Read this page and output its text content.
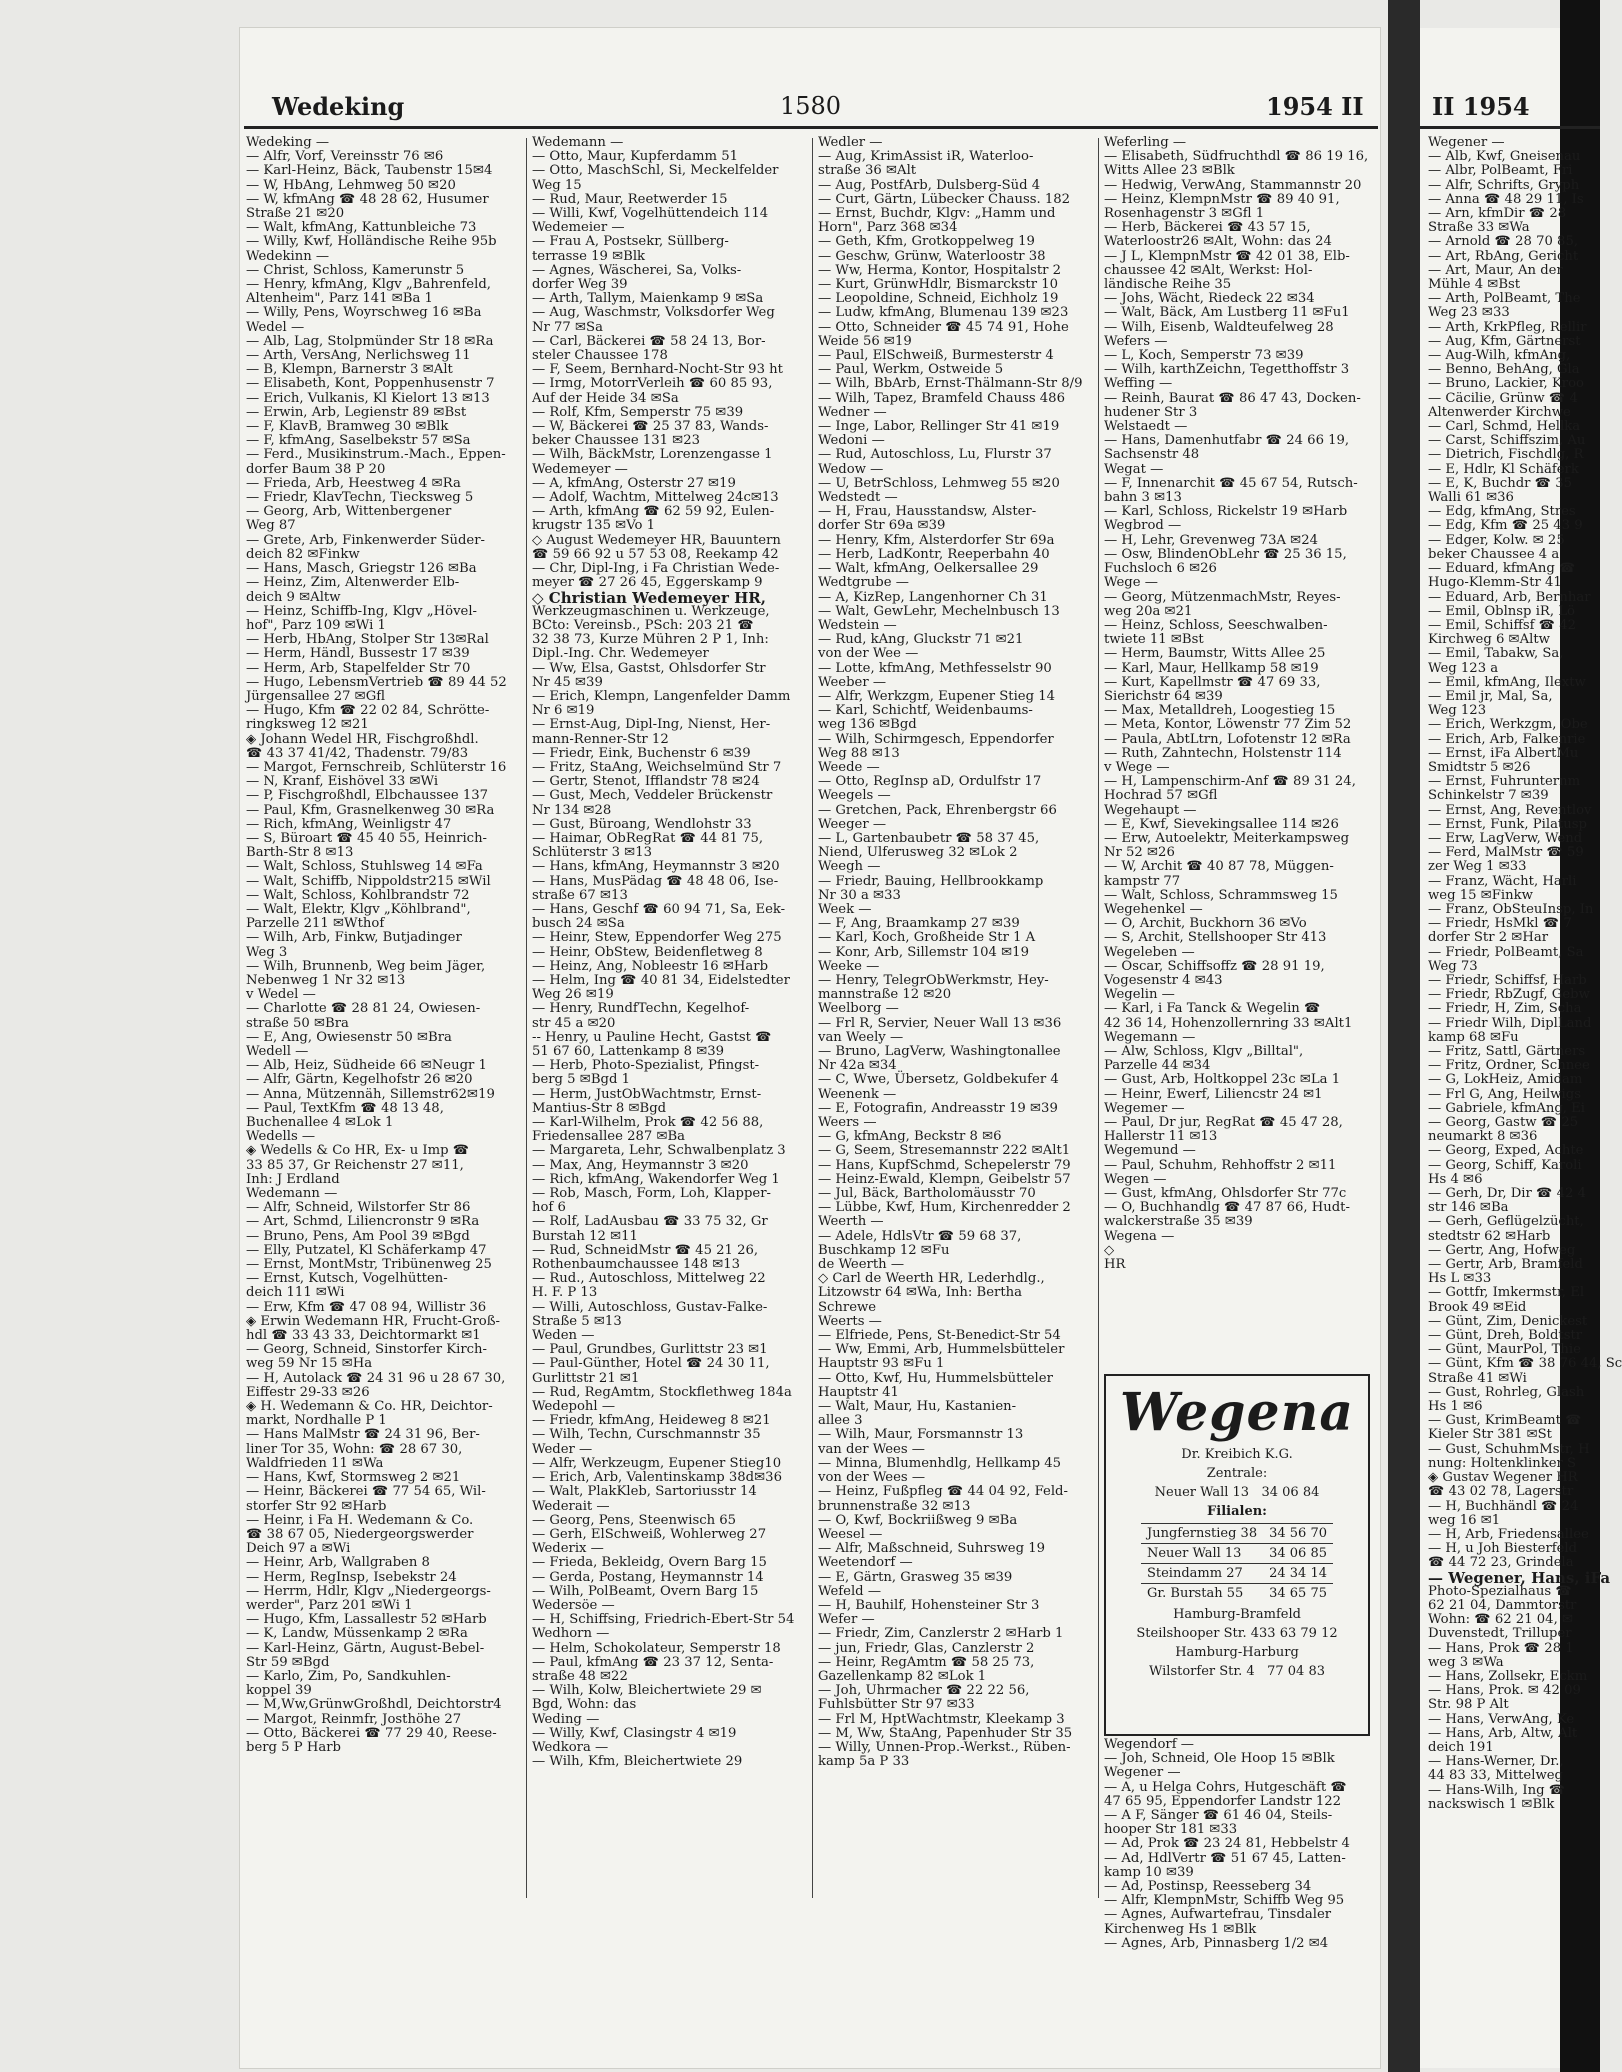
Wedeking	1580	1954 II	II 1954
Wedeking —
— Alfr, Vorf, Vereinsstr 76 ✉6
— Karl-Heinz, Bäck, Taubenstr 15✉4
— W, HbAng, Lehmweg 50 ✉20
— W, kfmAng ☎ 48 28 62, Husumer
Straße 21 ✉20
— Walt, kfmAng, Kattunbleiche 73
— Willy, Kwf, Holländische Reihe 95b
Wedekinn —
— Christ, Schloss, Kamerunstr 5
— Henry, kfmAng, Klgv „Bahrenfeld,
Altenheim", Parz 141 ✉Ba 1
— Willy, Pens, Woyrschweg 16 ✉Ba
Wedel —
— Alb, Lag, Stolpmünder Str 18 ✉Ra
— Arth, VersAng, Nerlichsweg 11
— B, Klempn, Barnerstr 3 ✉Alt
— Elisabeth, Kont, Poppenhusenstr 7
— Erich, Vulkanis, Kl Kielort 13 ✉13
— Erwin, Arb, Legienstr 89 ✉Bst
— F, KlavB, Bramweg 30 ✉Blk
— F, kfmAng, Saselbekstr 57 ✉Sa
— Ferd., Musikinstrum.-Mach., Eppen-
dorfer Baum 38 P 20
— Frieda, Arb, Heestweg 4 ✉Ra
— Friedr, KlavTechn, Tiecksweg 5
— Georg, Arb, Wittenbergener
Weg 87
— Grete, Arb, Finkenwerder Süder-
deich 82 ✉Finkw
— Hans, Masch, Griegstr 126 ✉Ba
— Heinz, Zim, Altenwerder Elb-
deich 9 ✉Altw
— Heinz, Schiffb-Ing, Klgv „Hövel-
hof", Parz 109 ✉Wi 1
— Herb, HbAng, Stolper Str 13✉Ral
— Herm, Händl, Bussestr 17 ✉39
— Herm, Arb, Stapelfelder Str 70
— Hugo, LebensmVertrieb ☎ 89 44 52
Jürgensallee 27 ✉Gfl
— Hugo, Kfm ☎ 22 02 84, Schrötte-
ringksweg 12 ✉21
◈ Johann Wedel HR, Fischgroßhdl.
☎ 43 37 41/42, Thadenstr. 79/83
— Margot, Fernschreib, Schlüterstr 16
— N, Kranf, Eishövel 33 ✉Wi
— P, Fischgroßhdl, Elbchaussee 137
— Paul, Kfm, Grasnelkenweg 30 ✉Ra
— Rich, kfmAng, Weinligstr 47
— S, Büroart ☎ 45 40 55, Heinrich-
Barth-Str 8 ✉13
— Walt, Schloss, Stuhlsweg 14 ✉Fa
— Walt, Schiffb, Nippoldstr215 ✉Wil
— Walt, Schloss, Kohlbrandstr 72
— Walt, Elektr, Klgv „Köhlbrand",
Parzelle 211 ✉Wthof
— Wilh, Arb, Finkw, Butjadinger
Weg 3
— Wilh, Brunnenb, Weg beim Jäger,
Nebenweg 1 Nr 32 ✉13
v Wedel —
— Charlotte ☎ 28 81 24, Owiesen-
straße 50 ✉Bra
— E, Ang, Owiesenstr 50 ✉Bra
Wedell —
— Alb, Heiz, Südheide 66 ✉Neugr 1
— Alfr, Gärtn, Kegelhofstr 26 ✉20
— Anna, Mützennäh, Sillemstr62✉19
— Paul, TextKfm ☎ 48 13 48,
Buchenallee 4 ✉Lok 1
Wedells —
◈ Wedells & Co HR, Ex- u Imp ☎
33 85 37, Gr Reichenstr 27 ✉11,
Inh: J Erdland
Wedemann —
— Alfr, Schneid, Wilstorfer Str 86
— Art, Schmd, Liliencronstr 9 ✉Ra
— Bruno, Pens, Am Pool 39 ✉Bgd
— Elly, Putzatel, Kl Schäferkamp 47
— Ernst, MontMstr, Tribünenweg 25
— Ernst, Kutsch, Vogelhütten-
deich 111 ✉Wi
— Erw, Kfm ☎ 47 08 94, Willistr 36
◈ Erwin Wedemann HR, Frucht-Groß-
hdl ☎ 33 43 33, Deichtormarkt ✉1
— Georg, Schneid, Sinstorfer Kirch-
weg 59 Nr 15 ✉Ha
— H, Autolack ☎ 24 31 96 u 28 67 30,
Eiffestr 29-33 ✉26
◈ H. Wedemann & Co. HR, Deichtor-
markt, Nordhalle P 1
— Hans MalMstr ☎ 24 31 96, Ber-
liner Tor 35, Wohn: ☎ 28 67 30,
Waldfrieden 11 ✉Wa
— Hans, Kwf, Stormsweg 2 ✉21
— Heinr, Bäckerei ☎ 77 54 65, Wil-
storfer Str 92 ✉Harb
— Heinr, i Fa H. Wedemann & Co.
☎ 38 67 05, Niedergeorgswerder
Deich 97 a ✉Wi
— Heinr, Arb, Wallgraben 8
— Herm, RegInsp, Isebekstr 24
— Herrm, Hdlr, Klgv „Niedergeorgs-
werder", Parz 201 ✉Wi 1
— Hugo, Kfm, Lassallestr 52 ✉Harb
— K, Landw, Müssenkamp 2 ✉Ra
— Karl-Heinz, Gärtn, August-Bebel-
Str 59 ✉Bgd
— Karlo, Zim, Po, Sandkuhlen-
koppel 39
— M,Ww,GrünwGroßhdl, Deichtorstr4
— Margot, Reinmfr, Josthöhe 27
— Otto, Bäckerei ☎ 77 29 40, Reese-
berg 5 P Harb
Wedemann —
— Otto, Maur, Kupferdamm 51
— Otto, MaschSchl, Si, Meckelfelder
Weg 15
— Rud, Maur, Reetwerder 15
— Willi, Kwf, Vogelhüttendeich 114
Wedemeier —
— Frau A, Postsekr, Süllberg-
terrasse 19 ✉Blk
— Agnes, Wäscherei, Sa, Volks-
dorfer Weg 39
— Arth, Tallym, Maienkamp 9 ✉Sa
— Aug, Waschmstr, Volksdorfer Weg
Nr 77 ✉Sa
— Carl, Bäckerei ☎ 58 24 13, Bor-
steler Chaussee 178
— F, Seem, Bernhard-Nocht-Str 93 ht
— Irmg, MotorrVerleih ☎ 60 85 93,
Auf der Heide 34 ✉Sa
— Rolf, Kfm, Semperstr 75 ✉39
— W, Bäckerei ☎ 25 37 83, Wands-
beker Chaussee 131 ✉23
— Wilh, BäckMstr, Lorenzengasse 1
Wedemeyer —
— A, kfmAng, Osterstr 27 ✉19
— Adolf, Wachtm, Mittelweg 24c✉13
— Arth, kfmAng ☎ 62 59 92, Eulen-
krugstr 135 ✉Vo 1
◇ August Wedemeyer HR, Bauuntern
☎ 59 66 92 u 57 53 08, Reekamp 42
— Chr, Dipl-Ing, i Fa Christian Wede-
meyer ☎ 27 26 45, Eggerskamp 9
◇ Christian Wedemeyer HR,
Werkzeugmaschinen u. Werkzeuge,
BCto: Vereinsb., PSch: 203 21 ☎
32 38 73, Kurze Mühren 2 P 1, Inh:
Dipl.-Ing. Chr. Wedemeyer
— Ww, Elsa, Gastst, Ohlsdorfer Str
Nr 45 ✉39
— Erich, Klempn, Langenfelder Damm
Nr 6 ✉19
— Ernst-Aug, Dipl-Ing, Nienst, Her-
mann-Renner-Str 12
— Friedr, Eink, Buchenstr 6 ✉39
— Fritz, StaAng, Weichselmünd Str 7
— Gertr, Stenot, Ifflandstr 78 ✉24
— Gust, Mech, Veddeler Brückenstr
Nr 134 ✉28
— Gust, Büroang, Wendlohstr 33
— Haimar, ObRegRat ☎ 44 81 75,
Schlüterstr 3 ✉13
— Hans, kfmAng, Heymannstr 3 ✉20
— Hans, MusPädag ☎ 48 48 06, Ise-
straße 67 ✉13
— Hans, Geschf ☎ 60 94 71, Sa, Eek-
busch 24 ✉Sa
— Heinr, Stew, Eppendorfer Weg 275
— Heinr, ObStew, Beidenfletweg 8
— Heinz, Ang, Nobleestr 16 ✉Harb
— Helm, Ing ☎ 40 81 34, Eidelstedter
Weg 26 ✉19
— Henry, RundfTechn, Kegelhof-
str 45 a ✉20
-- Henry, u Pauline Hecht, Gastst ☎
51 67 60, Lattenkamp 8 ✉39
— Herb, Photo-Spezialist, Pfingst-
berg 5 ✉Bgd 1
— Herm, JustObWachtmstr, Ernst-
Mantius-Str 8 ✉Bgd
— Karl-Wilhelm, Prok ☎ 42 56 88,
Friedensallee 287 ✉Ba
— Margareta, Lehr, Schwalbenplatz 3
— Max, Ang, Heymannstr 3 ✉20
— Rich, kfmAng, Wakendorfer Weg 1
— Rob, Masch, Form, Loh, Klapper-
hof 6
— Rolf, LadAusbau ☎ 33 75 32, Gr
Burstah 12 ✉11
— Rud, SchneidMstr ☎ 45 21 26,
Rothenbaumchaussee 148 ✉13
— Rud., Autoschloss, Mittelweg 22
H. F. P 13
— Willi, Autoschloss, Gustav-Falke-
Straße 5 ✉13
Weden —
— Paul, Grundbes, Gurlittstr 23 ✉1
— Paul-Günther, Hotel ☎ 24 30 11,
Gurlittstr 21 ✉1
— Rud, RegAmtm, Stockflethweg 184a
Wedepohl —
— Friedr, kfmAng, Heideweg 8 ✉21
— Wilh, Techn, Curschmannstr 35
Weder —
— Alfr, Werkzeugm, Eupener Stieg10
— Erich, Arb, Valentinskamp 38d✉36
— Walt, PlakKleb, Sartoriusstr 14
Wederait —
— Georg, Pens, Steenwisch 65
— Gerh, ElSchweiß, Wohlerweg 27
Wederix —
— Frieda, Bekleidg, Overn Barg 15
— Gerda, Postang, Heymannstr 14
— Wilh, PolBeamt, Overn Barg 15
Wedersöe —
— H, Schiffsing, Friedrich-Ebert-Str 54
Wedhorn —
— Helm, Schokolateur, Semperstr 18
— Paul, kfmAng ☎ 23 37 12, Senta-
straße 48 ✉22
— Wilh, Kolw, Bleichertwiete 29 ✉
Bgd, Wohn: das
Weding —
— Willy, Kwf, Clasingstr 4 ✉19
Wedkora —
— Wilh, Kfm, Bleichertwiete 29
Wedler —
— Aug, KrimAssist iR, Waterloo-
straße 36 ✉Alt
— Aug, PostfArb, Dulsberg-Süd 4
— Curt, Gärtn, Lübecker Chauss. 182
— Ernst, Buchdr, Klgv: „Hamm und
Horn", Parz 368 ✉34
— Geth, Kfm, Grotkoppelweg 19
— Geschw, Grünw, Waterloostr 38
— Ww, Herma, Kontor, Hospitalstr 2
— Kurt, GrünwHdlr, Bismarckstr 10
— Leopoldine, Schneid, Eichholz 19
— Ludw, kfmAng, Blumenau 139 ✉23
— Otto, Schneider ☎ 45 74 91, Hohe
Weide 56 ✉19
— Paul, ElSchweiß, Burmesterstr 4
— Paul, Werkm, Ostweide 5
— Wilh, BbArb, Ernst-Thälmann-Str 8/9
— Wilh, Tapez, Bramfeld Chauss 486
Wedner —
— Inge, Labor, Rellinger Str 41 ✉19
Wedoni —
— Rud, Autoschloss, Lu, Flurstr 37
Wedow —
— U, BetrSchloss, Lehmweg 55 ✉20
Wedstedt —
— H, Frau, Hausstandsw, Alster-
dorfer Str 69a ✉39
— Henry, Kfm, Alsterdorfer Str 69a
— Herb, LadKontr, Reeperbahn 40
— Walt, kfmAng, Oelkersallee 29
Wedtgrube —
— A, KizRep, Langenhorner Ch 31
— Walt, GewLehr, Mechelnbusch 13
Wedstein —
— Rud, kAng, Gluckstr 71 ✉21
von der Wee —
— Lotte, kfmAng, Methfesselstr 90
Weeber —
— Alfr, Werkzgm, Eupener Stieg 14
— Karl, Schichtf, Weidenbaums-
weg 136 ✉Bgd
— Wilh, Schirmgesch, Eppendorfer
Weg 88 ✉13
Weede —
— Otto, RegInsp aD, Ordulfstr 17
Weegels —
— Gretchen, Pack, Ehrenbergstr 66
Weeger —
— L, Gartenbaubetr ☎ 58 37 45,
Niend, Ulferusweg 32 ✉Lok 2
Weegh —
— Friedr, Bauing, Hellbrookkamp
Nr 30 a ✉33
Week —
— F, Ang, Braamkamp 27 ✉39
— Karl, Koch, Großheide Str 1 A
— Konr, Arb, Sillemstr 104 ✉19
Weeke —
— Henry, TelegrObWerkmstr, Hey-
mannstraße 12 ✉20
Weelborg —
— Frl R, Servier, Neuer Wall 13 ✉36
van Weely —
— Bruno, LagVerw, Washingtonallee
Nr 42a ✉34
— C, Wwe, Übersetz, Goldbekufer 4
Weenenk —
— E, Fotografin, Andreasstr 19 ✉39
Weers —
— G, kfmAng, Beckstr 8 ✉6
— G, Seem, Stresemannstr 222 ✉Alt1
— Hans, KupfSchmd, Schepelerstr 79
— Heinz-Ewald, Klempn, Geibelstr 57
— Jul, Bäck, Bartholomäusstr 70
— Lübbe, Kwf, Hum, Kirchenredder 2
Weerth —
— Adele, HdlsVtr ☎ 59 68 37,
Buschkamp 12 ✉Fu
de Weerth —
◇ Carl de Weerth HR, Lederhdlg.,
Litzowstr 64 ✉Wa, Inh: Bertha
Schrewe
Weerts —
— Elfriede, Pens, St-Benedict-Str 54
— Ww, Emmi, Arb, Hummelsbütteler
Hauptstr 93 ✉Fu 1
— Otto, Kwf, Hu, Hummelsbütteler
Hauptstr 41
— Walt, Maur, Hu, Kastanien-
allee 3
— Wilh, Maur, Forsmannstr 13
van der Wees —
— Minna, Blumenhdlg, Hellkamp 45
von der Wees —
— Heinz, Fußpfleg ☎ 44 04 92, Feld-
brunnenstraße 32 ✉13
— O, Kwf, Bockriißweg 9 ✉Ba
Weesel —
— Alfr, Maßschneid, Suhrsweg 19
Weetendorf —
— E, Gärtn, Grasweg 35 ✉39
Wefeld —
— H, Bauhilf, Hohensteiner Str 3
Wefer —
— Friedr, Zim, Canzlerstr 2 ✉Harb 1
— jun, Friedr, Glas, Canzlerstr 2
— Heinr, RegAmtm ☎ 58 25 73,
Gazellenkamp 82 ✉Lok 1
— Joh, Uhrmacher ☎ 22 22 56,
Fuhlsbütter Str 97 ✉33
— Frl M, HptWachtmstr, Kleekamp 3
— M, Ww, StaAng, Papenhuder Str 35
— Willy, Unnen-Prop.-Werkst., Rüben-
kamp 5a P 33
Weferling —
— Elisabeth, Südfruchthdl ☎ 86 19 16,
Witts Allee 23 ✉Blk
— Hedwig, VerwAng, Stammannstr 20
— Heinz, KlempnMstr ☎ 89 40 91,
Rosenhagenstr 3 ✉Gfl 1
— Herb, Bäckerei ☎ 43 57 15,
Waterloostr26 ✉Alt, Wohn: das 24
— J L, KlempnMstr ☎ 42 01 38, Elb-
chaussee 42 ✉Alt, Werkst: Hol-
ländische Reihe 35
— Johs, Wächt, Riedeck 22 ✉34
— Walt, Bäck, Am Lustberg 11 ✉Fu1
— Wilh, Eisenb, Waldteufelweg 28
Wefers —
— L, Koch, Semperstr 73 ✉39
— Wilh, karthZeichn, Tegetthoffstr 3
Weffing —
— Reinh, Baurat ☎ 86 47 43, Docken-
hudener Str 3
Welstaedt —
— Hans, Damenhutfabr ☎ 24 66 19,
Sachsenstr 48
Wegat —
— F, Innenarchit ☎ 45 67 54, Rutsch-
bahn 3 ✉13
— Karl, Schloss, Rickelstr 19 ✉Harb
Wegbrod —
— H, Lehr, Grevenweg 73A ✉24
— Osw, BlindenObLehr ☎ 25 36 15,
Fuchsloch 6 ✉26
Wege —
— Georg, MützenmachMstr, Reyes-
weg 20a ✉21
— Heinz, Schloss, Seeschwalben-
twiete 11 ✉Bst
— Herm, Baumstr, Witts Allee 25
— Karl, Maur, Hellkamp 58 ✉19
— Kurt, Kapellmstr ☎ 47 69 33,
Sierichstr 64 ✉39
— Max, Metalldreh, Loogestieg 15
— Meta, Kontor, Löwenstr 77 Zim 52
— Paula, AbtLtrn, Lofotenstr 12 ✉Ra
— Ruth, Zahntechn, Holstenstr 114
v Wege —
— H, Lampenschirm-Anf ☎ 89 31 24,
Hochrad 57 ✉Gfl
Wegehaupt —
— E, Kwf, Sievekingsallee 114 ✉26
— Erw, Autoelektr, Meiterkampsweg
Nr 52 ✉26
— W, Archit ☎ 40 87 78, Müggen-
kampstr 77
— Walt, Schloss, Schrammsweg 15
Wegehenkel —
— O, Archit, Buckhorn 36 ✉Vo
— S, Archit, Stellshooper Str 413
Wegeleben —
— Oscar, Schiffsoffz ☎ 28 91 19,
Vogesenstr 4 ✉43
Wegelin —
— Karl, i Fa Tanck & Wegelin ☎
42 36 14, Hohenzollernring 33 ✉Alt1
Wegemann —
— Alw, Schloss, Klgv „Billtal",
Parzelle 44 ✉34
— Gust, Arb, Holtkoppel 23c ✉La 1
— Heinr, Ewerf, Liliencstr 24 ✉1
Wegemer —
— Paul, Dr jur, RegRat ☎ 45 47 28,
Hallerstr 11 ✉13
Wegemund —
— Paul, Schuhm, Rehhoffstr 2 ✉11
Wegen —
— Gust, kfmAng, Ohlsdorfer Str 77c
— O, Buchhandlg ☎ 47 87 66, Hudt-
walckerstraße 35 ✉39
Wegena —
◇
HR
Wegendorf —
— Joh, Schneid, Ole Hoop 15 ✉Blk
Wegener —
— A, u Helga Cohrs, Hutgeschäft ☎
47 65 95, Eppendorfer Landstr 122
— A F, Sänger ☎ 61 46 04, Steils-
hooper Str 181 ✉33
— Ad, Prok ☎ 23 24 81, Hebbelstr 4
— Ad, HdlVertr ☎ 51 67 45, Latten-
kamp 10 ✉39
— Ad, Postinsp, Reesseberg 34
— Alfr, KlempnMstr, Schiffb Weg 95
— Agnes, Aufwartefrau, Tinsdaler
Kirchenweg Hs 1 ✉Blk
— Agnes, Arb, Pinnasberg 1/2 ✉4
Wegener —
— Alb, Kwf, Gneisenau
— Albr, PolBeamt, Fri
— Alfr, Schrifts, Gryph
— Anna ☎ 48 29 11, Is
— Arn, kfmDir ☎ 28
Straße 33 ✉Wa
— Arnold ☎ 28 70 85,
— Art, RbAng, Gericht
— Art, Maur, An der
Mühle 4 ✉Bst
— Arth, PolBeamt, The
Weg 23 ✉33
— Arth, KrkPfleg, Rellir
— Aug, Kfm, Gärtnerst
— Aug-Wilh, kfmAng,
— Benno, BehAng, Gla
— Bruno, Lackier, Kroo
— Cäcilie, Grünw ☎ 4
Altenwerder Kirchwe
— Carl, Schmd, Hellka
— Carst, Schiffszim, Au
— Dietrich, Fischdlg, R
— E, Hdlr, Kl Schäferk
— E, K, Buchdr ☎ 35
Walli 61 ✉36
— Edg, kfmAng, Stres
— Edg, Kfm ☎ 25 43 9
— Edger, Kolw. ✉ 25
beker Chaussee 4 a
— Eduard, kfmAng ☎
Hugo-Klemm-Str 41
— Eduard, Arb, Bernhar
— Emil, Oblnsp iR, Lö
— Emil, Schiffsf ☎ 42
Kirchweg 6 ✉Altw
— Emil, Tabakw, Sa,
Weg 123 a
— Emil, kfmAng, Ilextw
— Emil jr, Mal, Sa,
Weg 123
— Erich, Werkzgm, Obe
— Erich, Arb, Falkenrie
— Ernst, iFa AlbertMu
Smidtstr 5 ✉26
— Ernst, Fuhrunternm
Schinkelstr 7 ✉39
— Ernst, Ang, Reventlov
— Ernst, Funk, Pilatusp
— Erw, LagVerw, Wend
— Ferd, MalMstr ☎ 59
zer Weg 1 ✉33
— Franz, Wächt, Harli
weg 15 ✉Finkw
— Franz, ObSteuInsp, In
— Friedr, HsMkl ☎ 7
dorfer Str 2 ✉Har
— Friedr, PolBeamt, Sa
Weg 73
— Friedr, Schiffsf, Harb
— Friedr, RbZugf, Gebw
— Friedr, H, Zim, Scha
— Friedr Wilh, DiplLand
kamp 68 ✉Fu
— Fritz, Sattl, Gärtners
— Fritz, Ordner, Schnee
— G, LokHeiz, Amidam
— Frl G, Ang, Heilwigs
— Gabriele, kfmAng, Ei
— Georg, Gastw ☎ 25
neumarkt 8 ✉36
— Georg, Exped, Achte
— Georg, Schiff, Karoli
Hs 4 ✉6
— Gerh, Dr, Dir ☎ 42 4
str 146 ✉Ba
— Gerh, Geflügelzücht,
stedtstr 62 ✉Harb
— Gertr, Ang, Hofweg
— Gertr, Arb, Bramfeld
Hs L ✉33
— Gottfr, Imkermstr, El
Brook 49 ✉Eid
— Günt, Zim, Denickest
— Günt, Dreh, Boldtstr
— Günt, MaurPol, Thie
— Günt, Kfm ☎ 38 76 44, Sc
Straße 41 ✉Wi
— Gust, Rohrleg, Glash
Hs 1 ✉6
— Gust, KrimBeamt ☎
Kieler Str 381 ✉St
— Gust, SchuhmMstr, H
nung: Holtenklinker S
◈ Gustav Wegener HR
☎ 43 02 78, Lagerstr
— H, Buchhändl ☎ 24
weg 16 ✉1
— H, Arb, Friedensallee
— H, u Joh Biesterfeld
☎ 44 72 23, Grindela
— Wegener, Hans, iFa
Photo-Spezialhaus ☎
62 21 04, Dammtorstr
Wohn: ☎ 62 21 04, ✉
Duvenstedt, Trilluper
— Hans, Prok ☎ 28 1
weg 3 ✉Wa
— Hans, Zollsekr, Eckm
— Hans, Prok. ✉ 42 09
Str. 98 P Alt
— Hans, VerwAng, Ke
— Hans, Arb, Altw, Alt
deich 191
— Hans-Werner, Dr.,
44 83 33, Mittelweg
— Hans-Wilh, Ing ☎
nackswisch 1 ✉Blk
Wegena
Dr. Kreibich K.G.
Zentrale:
Neuer Wall 13 34 06 84
Filialen:
Jungfernstieg 38	34 56 70
Neuer Wall 13	34 06 85
Steindamm 27	24 34 14
Gr. Burstah 55	34 65 75
Hamburg-Bramfeld
Steilshooper Str. 433 63 79 12
Hamburg-Harburg
Wilstorfer Str. 4 77 04 83
